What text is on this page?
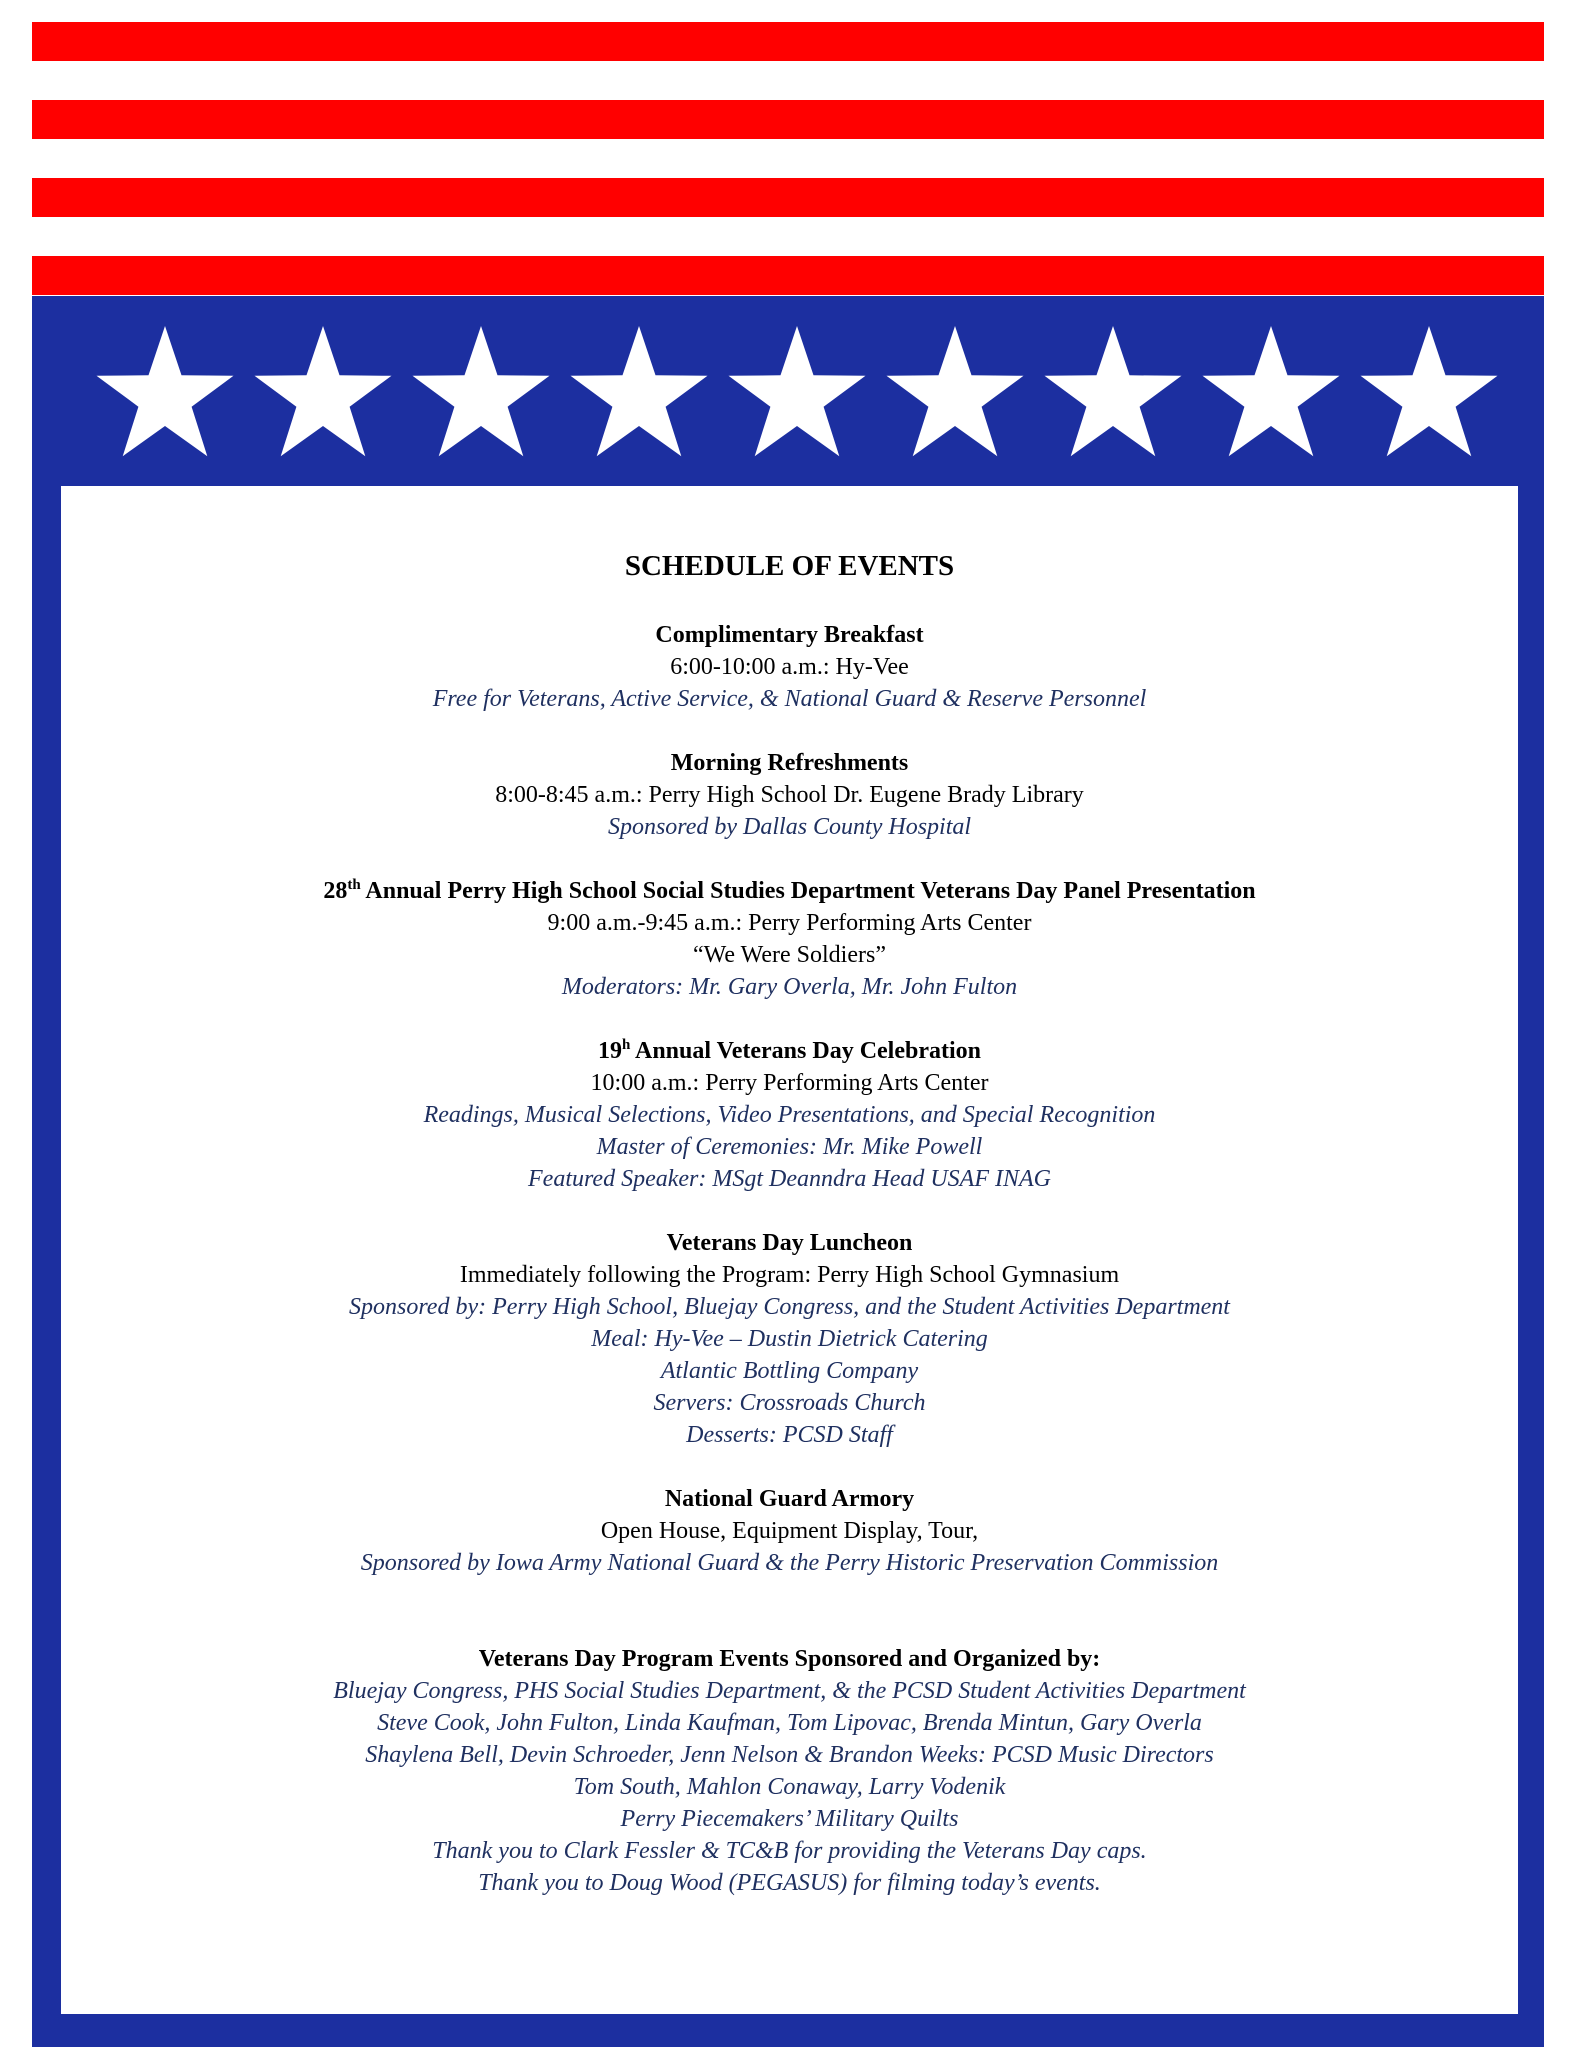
SCHEDULE OF EVENTS
Complimentary Breakfast
6:00-10:00 a.m.: Hy-Vee
Free for Veterans, Active Service, & National Guard & Reserve Personnel
Morning Refreshments
8:00-8:45 a.m.: Perry High School Dr. Eugene Brady Library
Sponsored by Dallas County Hospital
28th Annual Perry High School Social Studies Department Veterans Day Panel Presentation
9:00 a.m.-9:45 a.m.: Perry Performing Arts Center
“We Were Soldiers”
Moderators: Mr. Gary Overla, Mr. John Fulton
19$^h$ Annual Veterans Day Celebration
10:00 a.m.: Perry Performing Arts Center
Readings, Musical Selections, Video Presentations, and Special Recognition
Master of Ceremonies: Mr. Mike Powell
Featured Speaker: MSgt Deanndra Head USAF INAG
Veterans Day Luncheon
Immediately following the Program: Perry High School Gymnasium
Sponsored by: Perry High School, Bluejay Congress, and the Student Activities Department
Meal: Hy-Vee – Dustin Dietrick Catering
Atlantic Bottling Company
Servers: Crossroads Church
Desserts: PCSD Staff
National Guard Armory
Open House, Equipment Display, Tour,
Sponsored by Iowa Army National Guard & the Perry Historic Preservation Commission
Veterans Day Program Events Sponsored and Organized by:
Bluejay Congress, PHS Social Studies Department, & the PCSD Student Activities Department
Steve Cook, John Fulton, Linda Kaufman, Tom Lipovac, Brenda Mintun, Gary Overla
Shaylena Bell, Devin Schroeder, Jenn Nelson & Brandon Weeks: PCSD Music Directors
Tom South, Mahlon Conaway, Larry Vodenik
Perry Piecemakers’ Military Quilts
Thank you to Clark Fessler & TC&B for providing the Veterans Day caps.
Thank you to Doug Wood (PEGASUS) for filming today’s events.
